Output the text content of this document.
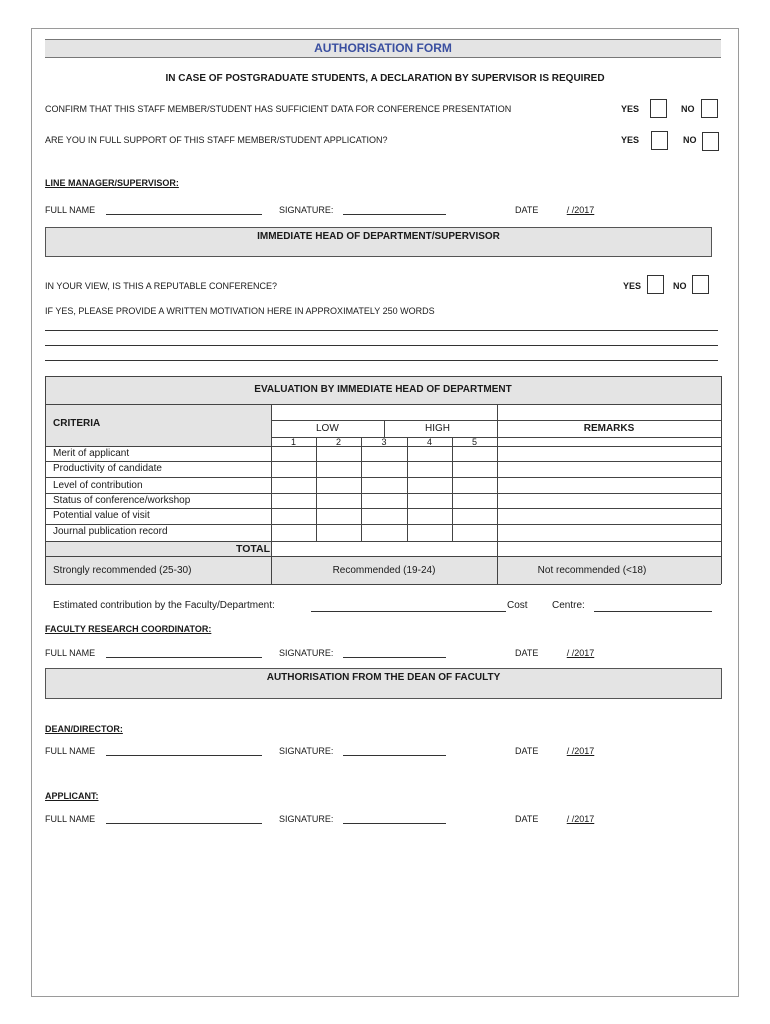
AUTHORISATION FORM
IN CASE OF POSTGRADUATE STUDENTS, A DECLARATION BY SUPERVISOR IS REQUIRED
CONFIRM THAT THIS STAFF MEMBER/STUDENT HAS SUFFICIENT DATA FOR CONFERENCE PRESENTATION	YES	NO
ARE YOU IN FULL SUPPORT OF THIS STAFF MEMBER/STUDENT APPLICATION?	YES	NO
LINE MANAGER/SUPERVISOR:
FULL NAME	SIGNATURE:	DATE	/ /2017
IMMEDIATE HEAD OF DEPARTMENT/SUPERVISOR
IN YOUR VIEW, IS THIS A REPUTABLE CONFERENCE?	YES	NO
IF YES, PLEASE PROVIDE A WRITTEN MOTIVATION HERE IN APPROXIMATELY 250 WORDS
EVALUATION BY IMMEDIATE HEAD OF DEPARTMENT
CRITERIA	LOW	HIGH	REMARKS
1	2	3	4	5
Merit of applicant
Productivity of candidate
Level of contribution
Status of conference/workshop
Potential value of visit
Journal publication record
TOTAL
Strongly recommended (25-30)	Recommended (19-24)	Not recommended (<18)
Estimated contribution by the Faculty/Department:	Cost Centre:
FACULTY RESEARCH COORDINATOR:
FULL NAME	SIGNATURE:	DATE	/ /2017
AUTHORISATION FROM THE DEAN OF FACULTY
DEAN/DIRECTOR:
FULL NAME	SIGNATURE:	DATE	/ /2017
APPLICANT:
FULL NAME	SIGNATURE:	DATE	/ /2017
